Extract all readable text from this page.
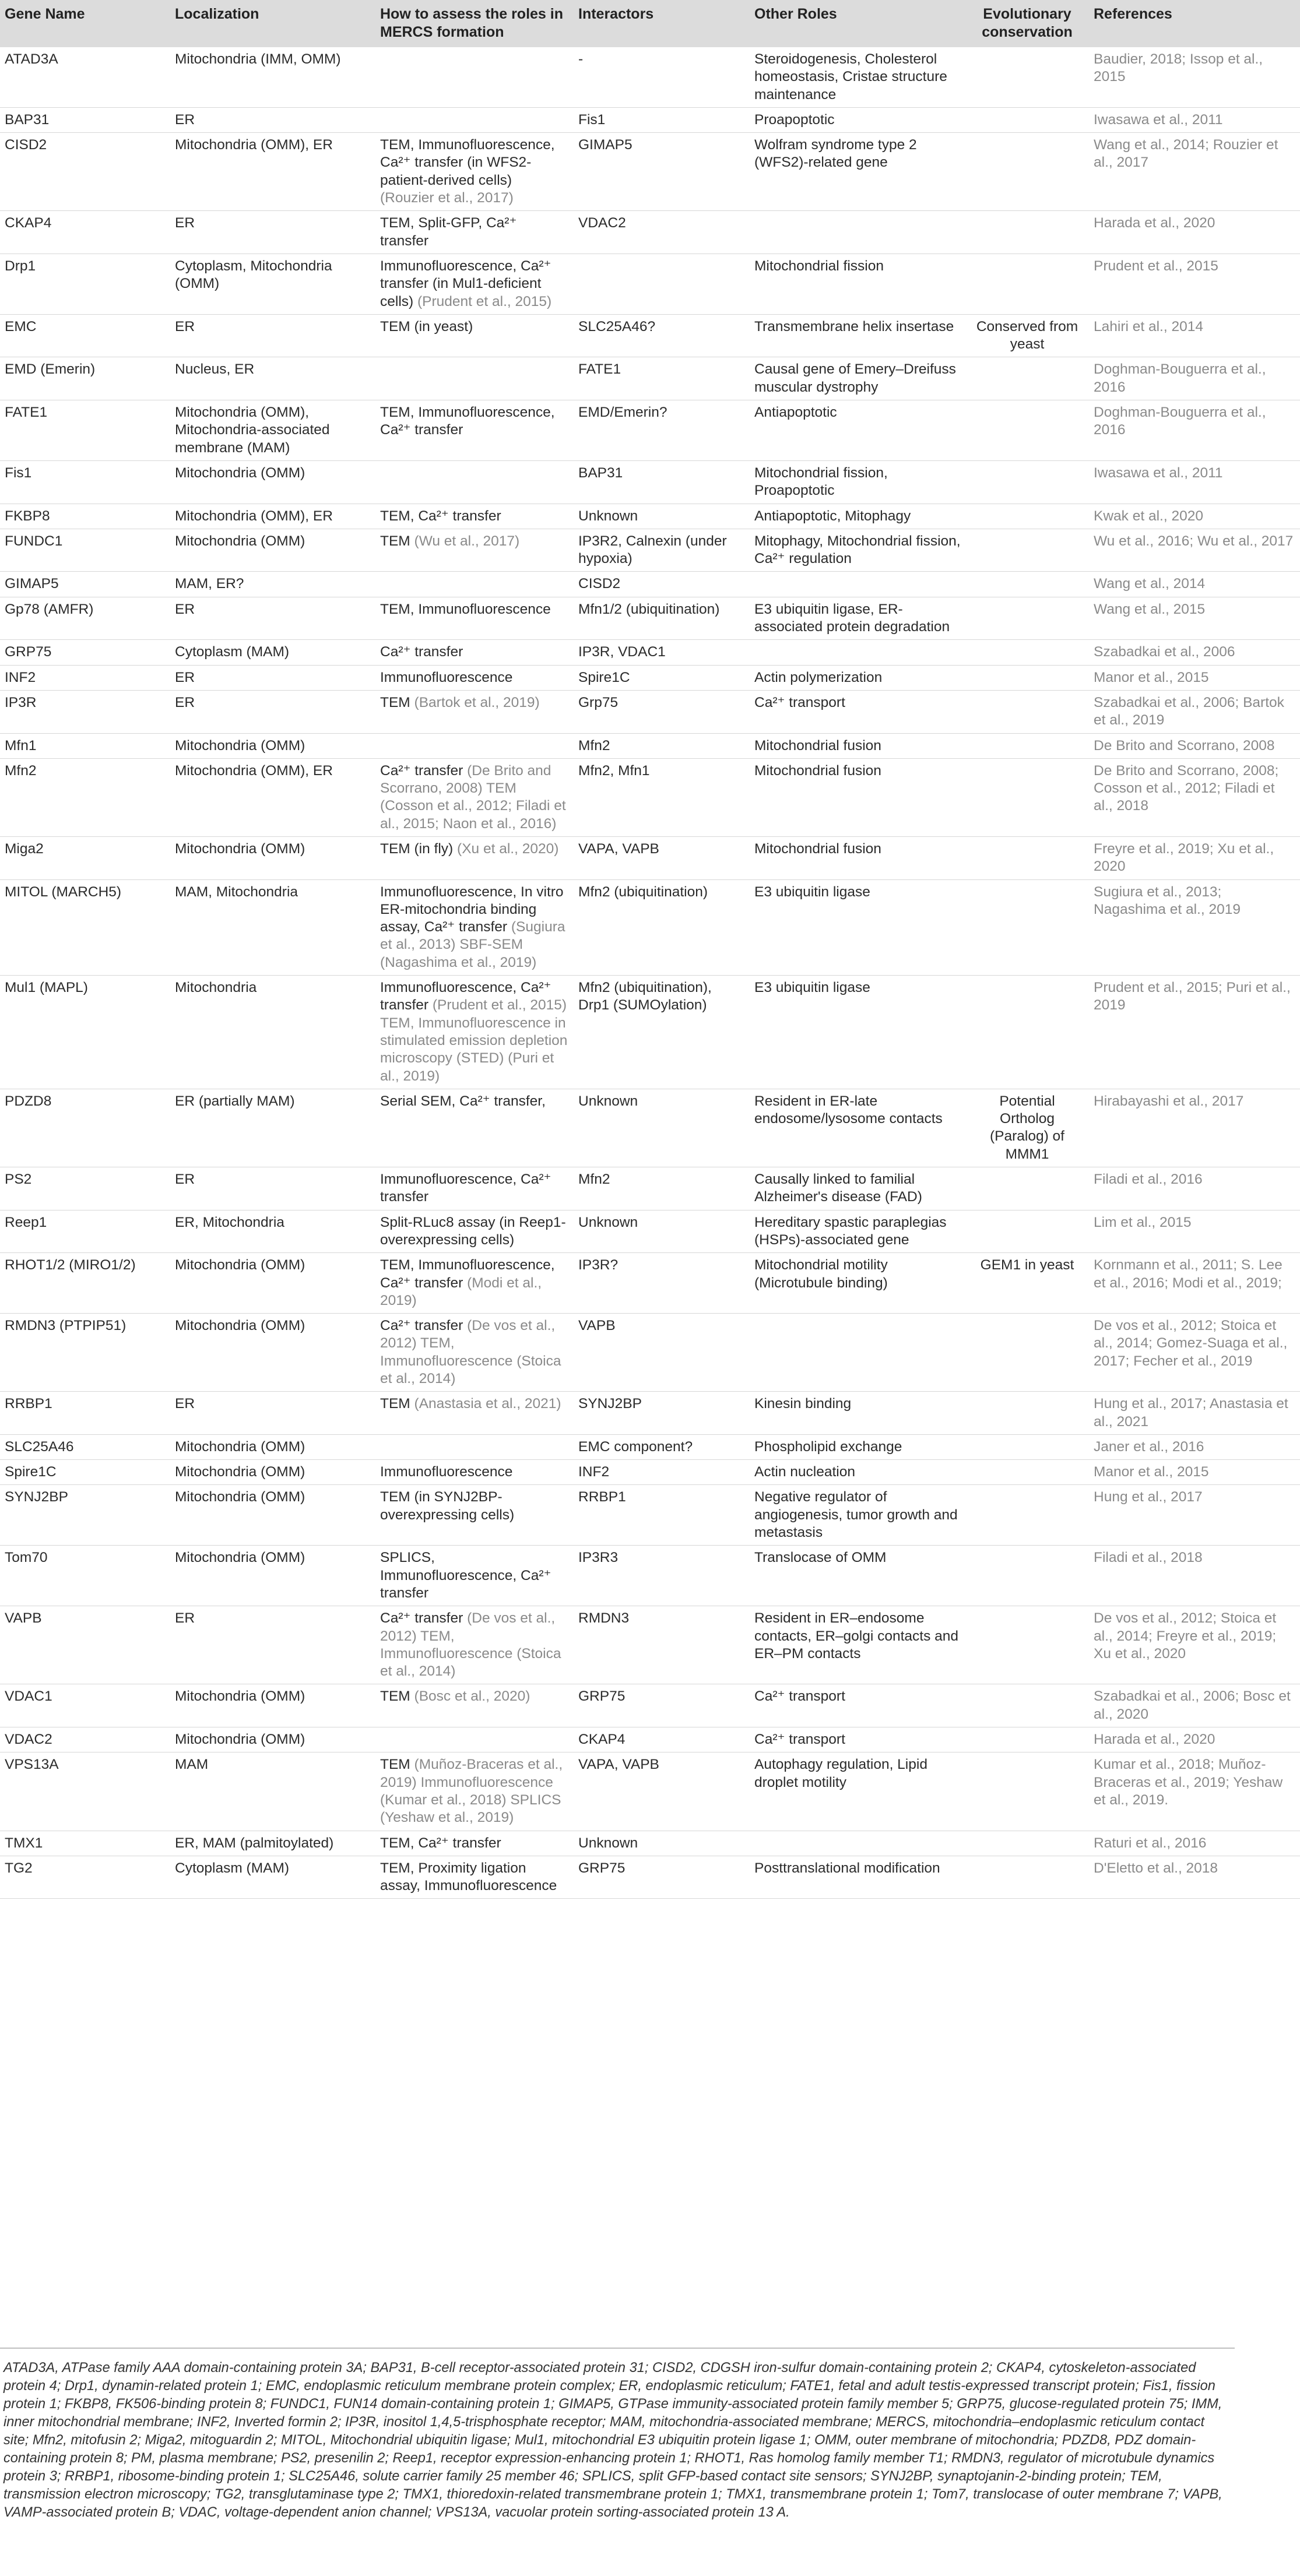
Gene Name	Localization	How to assess the roles in MERCS formation	Interactors	Other Roles	Evolutionary conservation	References
ATAD3A	Mitochondria (IMM, OMM)		-	Steroidogenesis, Cholesterol homeostasis, Cristae structure maintenance		Baudier, 2018; Issop et al., 2015
BAP31	ER		Fis1	Proapoptotic		Iwasawa et al., 2011
CISD2	Mitochondria (OMM), ER	TEM, Immunofluorescence, Ca²⁺ transfer (in WFS2-patient-derived cells) (Rouzier et al., 2017)	GIMAP5	Wolfram syndrome type 2 (WFS2)-related gene		Wang et al., 2014; Rouzier et al., 2017
CKAP4	ER	TEM, Split-GFP, Ca²⁺ transfer	VDAC2			Harada et al., 2020
Drp1	Cytoplasm, Mitochondria (OMM)	Immunofluorescence, Ca²⁺ transfer (in Mul1-deficient cells) (Prudent et al., 2015)		Mitochondrial fission		Prudent et al., 2015
EMC	ER	TEM (in yeast)	SLC25A46?	Transmembrane helix insertase	Conserved from yeast	Lahiri et al., 2014
EMD (Emerin)	Nucleus, ER		FATE1	Causal gene of Emery–Dreifuss muscular dystrophy		Doghman-Bouguerra et al., 2016
FATE1	Mitochondria (OMM), Mitochondria-associated membrane (MAM)	TEM, Immunofluorescence, Ca²⁺ transfer	EMD/Emerin?	Antiapoptotic		Doghman-Bouguerra et al., 2016
Fis1	Mitochondria (OMM)		BAP31	Mitochondrial fission, Proapoptotic		Iwasawa et al., 2011
FKBP8	Mitochondria (OMM), ER	TEM, Ca²⁺ transfer	Unknown	Antiapoptotic, Mitophagy		Kwak et al., 2020
FUNDC1	Mitochondria (OMM)	TEM (Wu et al., 2017)	IP3R2, Calnexin (under hypoxia)	Mitophagy, Mitochondrial fission, Ca²⁺ regulation		Wu et al., 2016; Wu et al., 2017
GIMAP5	MAM, ER?		CISD2			Wang et al., 2014
Gp78 (AMFR)	ER	TEM, Immunofluorescence	Mfn1/2 (ubiquitination)	E3 ubiquitin ligase, ER-associated protein degradation		Wang et al., 2015
GRP75	Cytoplasm (MAM)	Ca²⁺ transfer	IP3R, VDAC1			Szabadkai et al., 2006
INF2	ER	Immunofluorescence	Spire1C	Actin polymerization		Manor et al., 2015
IP3R	ER	TEM (Bartok et al., 2019)	Grp75	Ca²⁺ transport		Szabadkai et al., 2006; Bartok et al., 2019
Mfn1	Mitochondria (OMM)		Mfn2	Mitochondrial fusion		De Brito and Scorrano, 2008
Mfn2	Mitochondria (OMM), ER	Ca²⁺ transfer (De Brito and Scorrano, 2008) TEM (Cosson et al., 2012; Filadi et al., 2015; Naon et al., 2016)	Mfn2, Mfn1	Mitochondrial fusion		De Brito and Scorrano, 2008; Cosson et al., 2012; Filadi et al., 2018
Miga2	Mitochondria (OMM)	TEM (in fly) (Xu et al., 2020)	VAPA, VAPB	Mitochondrial fusion		Freyre et al., 2019; Xu et al., 2020
MITOL (MARCH5)	MAM, Mitochondria	Immunofluorescence, In vitro ER-mitochondria binding assay, Ca²⁺ transfer (Sugiura et al., 2013) SBF-SEM (Nagashima et al., 2019)	Mfn2 (ubiquitination)	E3 ubiquitin ligase		Sugiura et al., 2013; Nagashima et al., 2019
Mul1 (MAPL)	Mitochondria	Immunofluorescence, Ca²⁺ transfer (Prudent et al., 2015) TEM, Immunofluorescence in stimulated emission depletion microscopy (STED) (Puri et al., 2019)	Mfn2 (ubiquitination), Drp1 (SUMOylation)	E3 ubiquitin ligase		Prudent et al., 2015; Puri et al., 2019
PDZD8	ER (partially MAM)	Serial SEM, Ca²⁺ transfer,	Unknown	Resident in ER-late endosome/lysosome contacts	Potential Ortholog (Paralog) of MMM1	Hirabayashi et al., 2017
PS2	ER	Immunofluorescence, Ca²⁺ transfer	Mfn2	Causally linked to familial Alzheimer's disease (FAD)		Filadi et al., 2016
Reep1	ER, Mitochondria	Split-RLuc8 assay (in Reep1-overexpressing cells)	Unknown	Hereditary spastic paraplegias (HSPs)-associated gene		Lim et al., 2015
RHOT1/2 (MIRO1/2)	Mitochondria (OMM)	TEM, Immunofluorescence, Ca²⁺ transfer (Modi et al., 2019)	IP3R?	Mitochondrial motility (Microtubule binding)	GEM1 in yeast	Kornmann et al., 2011; S. Lee et al., 2016; Modi et al., 2019;
RMDN3 (PTPIP51)	Mitochondria (OMM)	Ca²⁺ transfer (De vos et al., 2012) TEM, Immunofluorescence (Stoica et al., 2014)	VAPB			De vos et al., 2012; Stoica et al., 2014; Gomez-Suaga et al., 2017; Fecher et al., 2019
RRBP1	ER	TEM (Anastasia et al., 2021)	SYNJ2BP	Kinesin binding		Hung et al., 2017; Anastasia et al., 2021
SLC25A46	Mitochondria (OMM)		EMC component?	Phospholipid exchange		Janer et al., 2016
Spire1C	Mitochondria (OMM)	Immunofluorescence	INF2	Actin nucleation		Manor et al., 2015
SYNJ2BP	Mitochondria (OMM)	TEM (in SYNJ2BP-overexpressing cells)	RRBP1	Negative regulator of angiogenesis, tumor growth and metastasis		Hung et al., 2017
Tom70	Mitochondria (OMM)	SPLICS, Immunofluorescence, Ca²⁺ transfer	IP3R3	Translocase of OMM		Filadi et al., 2018
VAPB	ER	Ca²⁺ transfer (De vos et al., 2012) TEM, Immunofluorescence (Stoica et al., 2014)	RMDN3	Resident in ER–endosome contacts, ER–golgi contacts and ER–PM contacts		De vos et al., 2012; Stoica et al., 2014; Freyre et al., 2019; Xu et al., 2020
VDAC1	Mitochondria (OMM)	TEM (Bosc et al., 2020)	GRP75	Ca²⁺ transport		Szabadkai et al., 2006; Bosc et al., 2020
VDAC2	Mitochondria (OMM)		CKAP4	Ca²⁺ transport		Harada et al., 2020
VPS13A	MAM	TEM (Muñoz-Braceras et al., 2019) Immunofluorescence (Kumar et al., 2018) SPLICS (Yeshaw et al., 2019)	VAPA, VAPB	Autophagy regulation, Lipid droplet motility		Kumar et al., 2018; Muñoz-Braceras et al., 2019; Yeshaw et al., 2019.
TMX1	ER, MAM (palmitoylated)	TEM, Ca²⁺ transfer	Unknown			Raturi et al., 2016
TG2	Cytoplasm (MAM)	TEM, Proximity ligation assay, Immunofluorescence	GRP75	Posttranslational modification		D'Eletto et al., 2018
ATAD3A, ATPase family AAA domain-containing protein 3A; BAP31, B-cell receptor-associated protein 31; CISD2, CDGSH iron-sulfur domain-containing protein 2; CKAP4, cytoskeleton-associated protein 4; Drp1, dynamin-related protein 1; EMC, endoplasmic reticulum membrane protein complex; ER, endoplasmic reticulum; FATE1, fetal and adult testis-expressed transcript protein; Fis1, fission protein 1; FKBP8, FK506-binding protein 8; FUNDC1, FUN14 domain-containing protein 1; GIMAP5, GTPase immunity-associated protein family member 5; GRP75, glucose-regulated protein 75; IMM, inner mitochondrial membrane; INF2, Inverted formin 2; IP3R, inositol 1,4,5-trisphosphate receptor; MAM, mitochondria-associated membrane; MERCS, mitochondria–endoplasmic reticulum contact site; Mfn2, mitofusin 2; Miga2, mitoguardin 2; MITOL, Mitochondrial ubiquitin ligase; Mul1, mitochondrial E3 ubiquitin protein ligase 1; OMM, outer membrane of mitochondria; PDZD8, PDZ domain-containing protein 8; PM, plasma membrane; PS2, presenilin 2; Reep1, receptor expression-enhancing protein 1; RHOT1, Ras homolog family member T1; RMDN3, regulator of microtubule dynamics protein 3; RRBP1, ribosome-binding protein 1; SLC25A46, solute carrier family 25 member 46; SPLICS, split GFP-based contact site sensors; SYNJ2BP, synaptojanin-2-binding protein; TEM, transmission electron microscopy; TG2, transglutaminase type 2; TMX1, thioredoxin-related transmembrane protein 1; TMX1, transmembrane protein 1; Tom7, translocase of outer membrane 7; VAPB, VAMP-associated protein B; VDAC, voltage-dependent anion channel; VPS13A, vacuolar protein sorting-associated protein 13 A.
